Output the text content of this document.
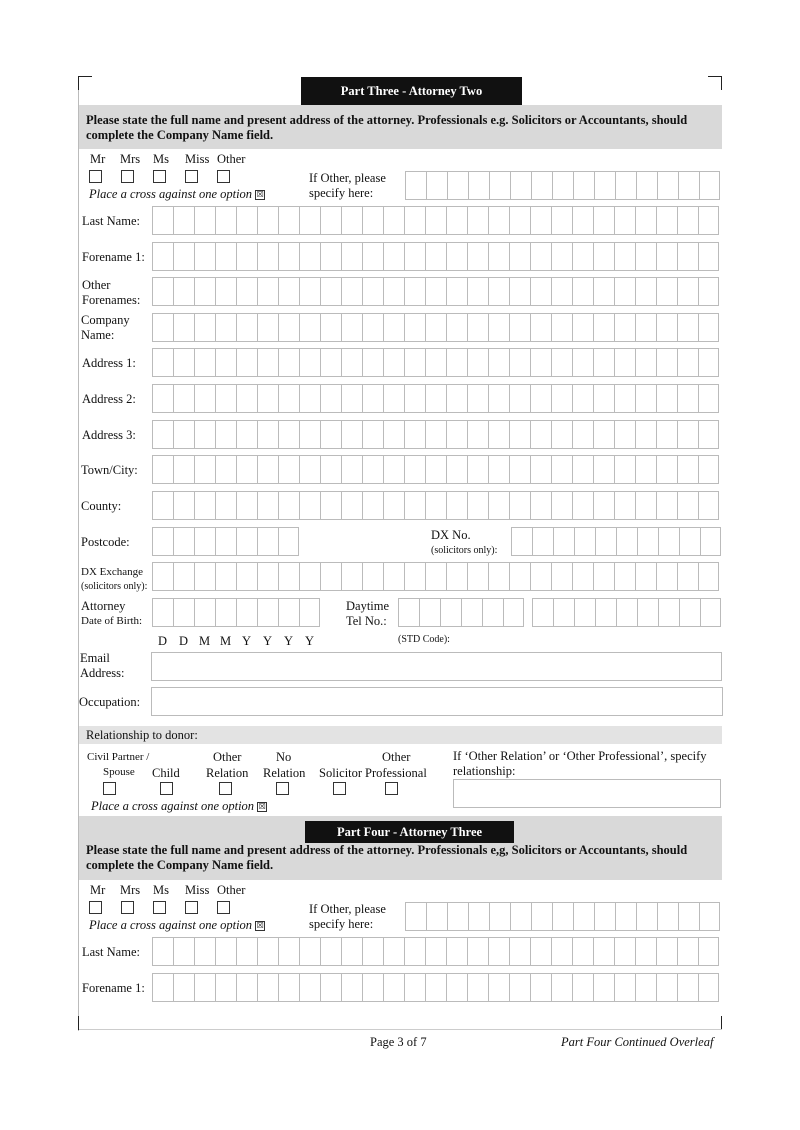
Part Three - Attorney Two
Please state the full name and present address of the attorney. Professionals e.g. Solicitors or Accountants, should complete the Company Name field.
Mr Mrs Ms Miss Other
Place a cross against one option ☒
If Other, please specify here:
Last Name:
Forename 1:
Other Forenames:
Company Name:
Address 1:
Address 2:
Address 3:
Town/City:
County:
Postcode:	DX No.
(solicitors only):
DX Exchange
(solicitors only):
Attorney
Date of Birth:
D D M M Y Y Y Y
Daytime
Tel No.:
(STD Code):
Email Address:
Occupation:
Relationship to donor:
Civil Partner /
Spouse Child
Other
Relation
No
Relation Solicitor
Other
Professional
Place a cross against one option ☒
If ‘Other Relation’ or ‘Other Professional’, specify relationship:
Part Four - Attorney Three
Please state the full name and present address of the attorney. Professionals e,g, Solicitors or Accountants, should complete the Company Name field.
Mr Mrs Ms Miss Other
Place a cross against one option ☒
If Other, please specify here:
Last Name:
Forename 1:
Page 3 of 7	Part Four Continued Overleaf
